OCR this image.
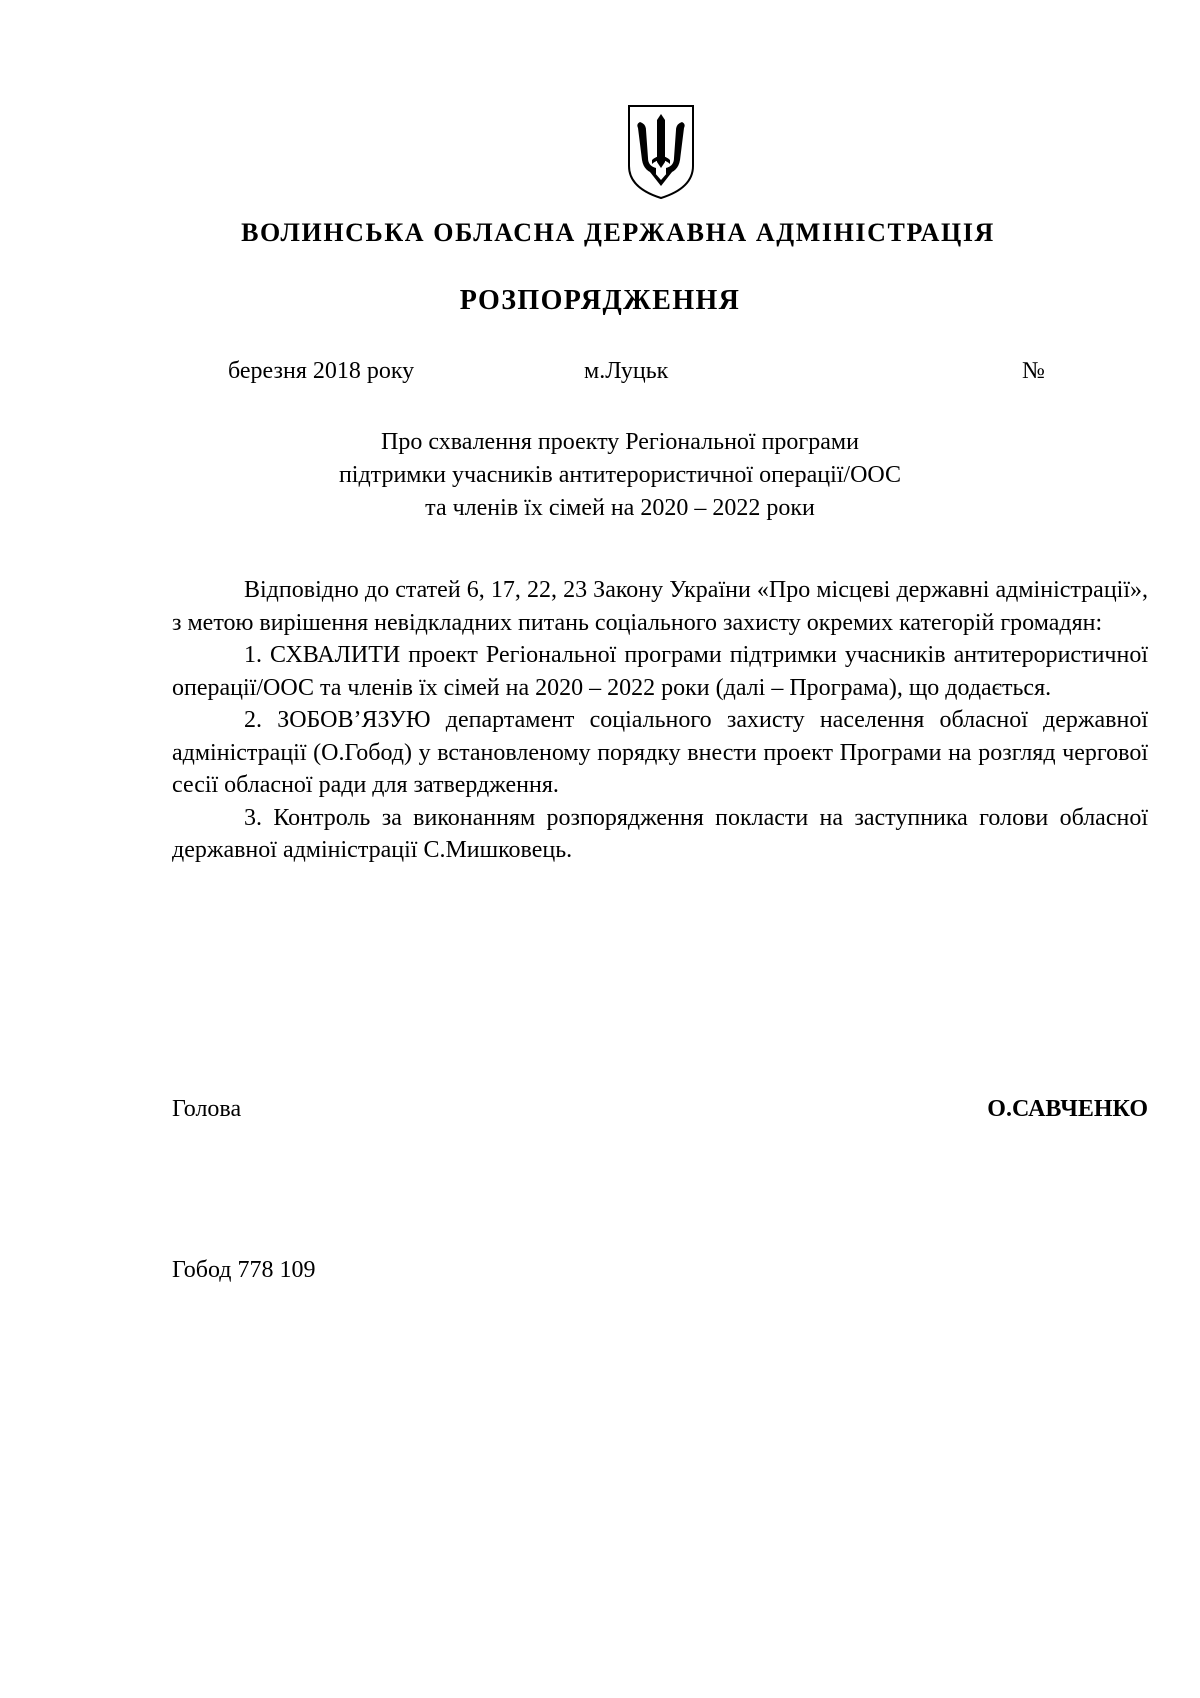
ВОЛИНСЬКА ОБЛАСНА ДЕРЖАВНА АДМІНІСТРАЦІЯ
РОЗПОРЯДЖЕННЯ
березня 2018 року	м.Луцьк	№
Про схвалення проекту Регіональної програми
підтримки учасників антитерористичної операції/ООС
та членів їх сімей на 2020 – 2022 роки

Відповідно до статей 6, 17, 22, 23 Закону України «Про місцеві державні адміністрації», з метою вирішення невідкладних питань соціального захисту окремих категорій громадян:

1. СХВАЛИТИ проект Регіональної програми підтримки учасників антитерористичної операції/ООС та членів їх сімей на 2020 – 2022 роки (далі – Програма), що додається.

2. ЗОБОВ’ЯЗУЮ департамент соціального захисту населення обласної державної адміністрації (О.Гобод) у встановленому порядку внести проект Програми на розгляд чергової сесії обласної ради для затвердження.

3. Контроль за виконанням розпорядження покласти на заступника голови обласної державної адміністрації С.Мишковець.

Голова	О.САВЧЕНКО
Гобод 778 109
